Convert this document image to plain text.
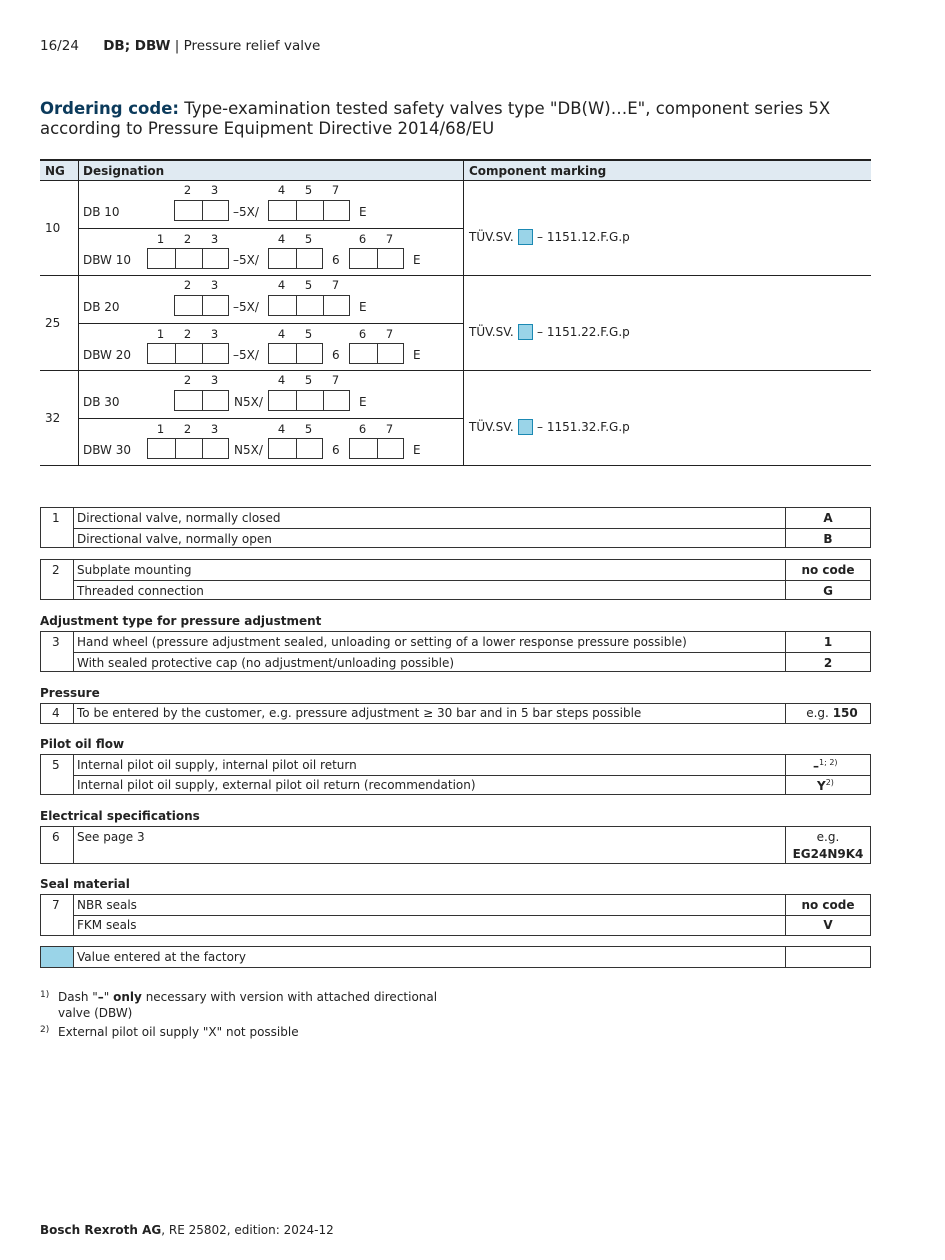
16/24 DB; DBW | Pressure relief valve
Ordering code: Type-examination tested safety valves type "DB(W)…E", component series 5X according to Pressure Equipment Directive 2014/68/EU
NG Designation	Component marking
10
2	3	4	5	7
DB 10	–5X/	E
1	2	3	4	5	6	7
DBW 10	–5X/	6	E
TÜV.SV. – 1151.12.F.G.p
25
2	3	4	5	7
DB 20	–5X/	E
1	2	3	4	5	6	7
DBW 20	–5X/	6	E
TÜV.SV. – 1151.22.F.G.p
32
2	3	4	5	7
DB 30	N5X/	E
1	2	3	4	5	6	7
DBW 30	N5X/	6	E
TÜV.SV. – 1151.32.F.G.p
1 Directional valve, normally closed	A
Directional valve, normally open	B
2 Subplate mounting	no code
Threaded connection	G
Adjustment type for pressure adjustment
3 Hand wheel (pressure adjustment sealed, unloading or setting of a lower response pressure possible)	1
With sealed protective cap (no adjustment/unloading possible)	2
Pressure
4 To be entered by the customer, e.g. pressure adjustment ≥ 30 bar and in 5 bar steps possible	e.g. 150
Pilot oil flow
5 Internal pilot oil supply, internal pilot oil return	–$^{1; 2)}$
Internal pilot oil supply, external pilot oil return (recommendation)	$Y^{2)}$
Electrical specifications
6 See page 3	e.g.
EG24N9K4
Seal material
7 NBR seals	no code
FKM seals	V
Value entered at the factory
1) Dash "–" only necessary with version with attached directional
valve (DBW)
2) External pilot oil supply "X" not possible
Bosch Rexroth AG, RE 25802, edition: 2024-12
